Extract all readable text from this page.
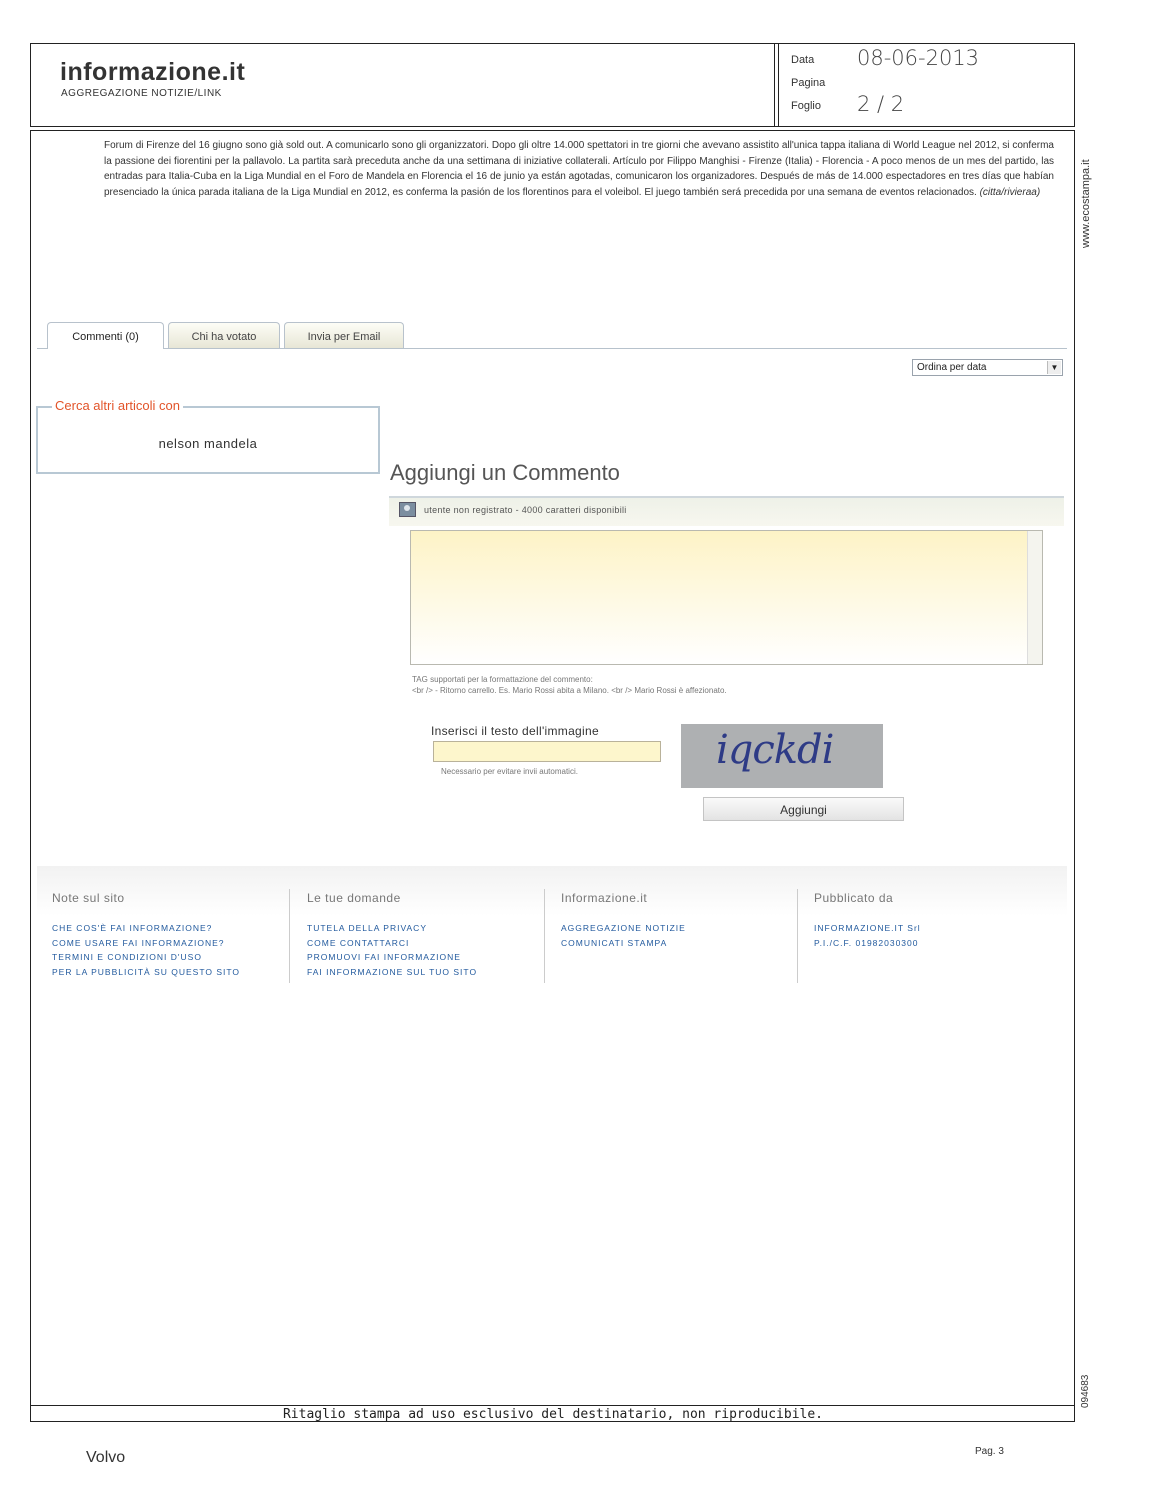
informazione.it
AGGREGAZIONE NOTIZIE/LINK
Data 08-06-2013
Pagina
Foglio 2 / 2
Forum di Firenze del 16 giugno sono già sold out. A comunicarlo sono gli organizzatori. Dopo gli oltre 14.000 spettatori in tre giorni che avevano assistito all'unica tappa italiana di World League nel 2012, si conferma la passione dei fiorentini per la pallavolo. La partita sarà preceduta anche da una settimana di iniziative collaterali. Artículo por Filippo Manghisi - Firenze (Italia) - Florencia - A poco menos de un mes del partido, las entradas para Italia-Cuba en la Liga Mundial en el Foro de Mandela en Florencia el 16 de junio ya están agotadas, comunicaron los organizadores. Después de más de 14.000 espectadores en tres días que habían presenciado la única parada italiana de la Liga Mundial en 2012, es conferma la pasión de los florentinos para el voleibol. El juego también será precedida por una semana de eventos relacionados. (citta/rivieraa)	www.ecostampa.it
094683
Commenti (0)	Chi ha votato	Invia per Email
Ordina per data	▼
Cerca altri articoli con
nelson mandela
Aggiungi un Commento
utente non registrato - 4000 caratteri disponibili
TAG supportati per la formattazione del commento:
<br /> - Ritorno carrello. Es. Mario Rossi abita a Milano. <br /> Mario Rossi è affezionato.
Inserisci il testo dell'immagine
Necessario per evitare invii automatici.	iqckdi
Aggiungi
Note sul sito
CHE COS'È FAI INFORMAZIONE?
COME USARE FAI INFORMAZIONE?
TERMINI E CONDIZIONI D'USO
PER LA PUBBLICITÀ SU QUESTO SITO
Le tue domande
TUTELA DELLA PRIVACY
COME CONTATTARCI
PROMUOVI FAI INFORMAZIONE
FAI INFORMAZIONE SUL TUO SITO
Informazione.it
AGGREGAZIONE NOTIZIE
COMUNICATI STAMPA
Pubblicato da
INFORMAZIONE.IT Srl
P.I./C.F. 01982030300
Ritaglio stampa ad uso esclusivo del destinatario, non riproducibile.
Volvo	Pag. 3
